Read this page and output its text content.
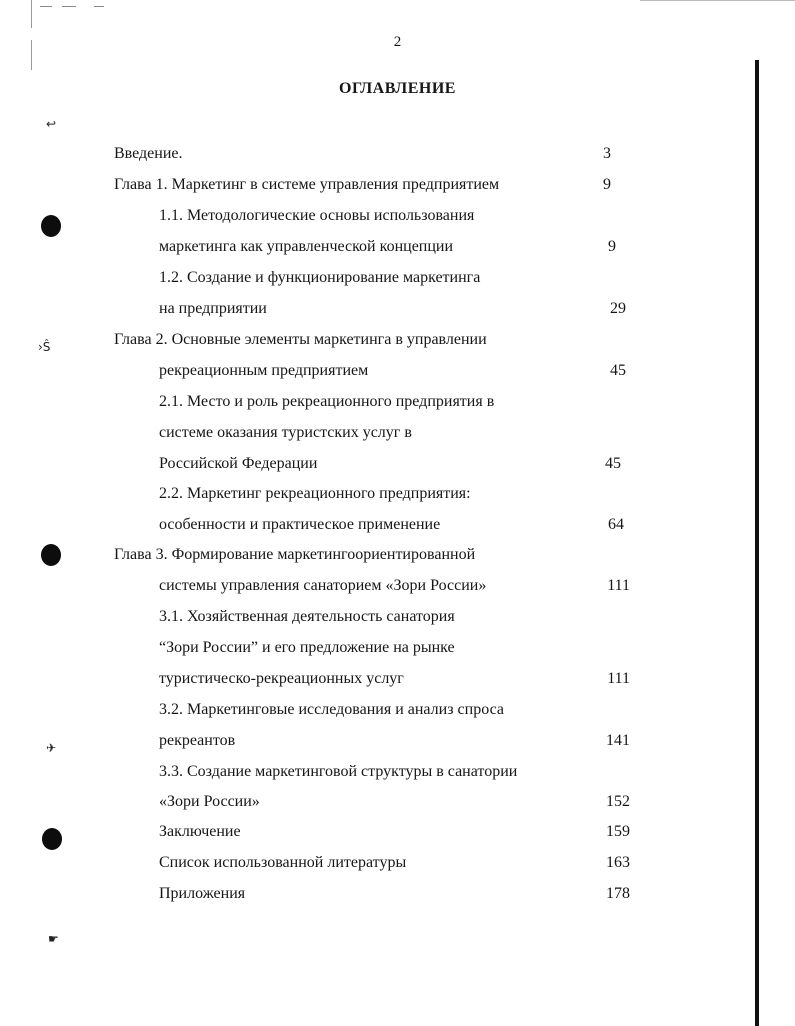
↩
›Ŝ
✈
☛
2
ОГЛАВЛЕНИЕ
Введение.	3
Глава 1. Маркетинг в системе управления предприятием	9
1.1. Методологические основы использования
маркетинга как управленческой концепции	9
1.2. Создание и функционирование маркетинга
на предприятии	29
Глава 2. Основные элементы маркетинга в управлении
рекреационным предприятием	45
2.1. Место и роль рекреационного предприятия в
системе оказания туристских услуг в
Российской Федерации	45
2.2. Маркетинг рекреационного предприятия:
особенности и практическое применение	64
Глава 3. Формирование маркетингоориентированной
системы управления санаторием «Зори России»	111
3.1. Хозяйственная деятельность санатория
“Зори России” и его предложение на рынке
туристическо-рекреационных услуг	111
3.2. Маркетинговые исследования и анализ спроса
рекреантов	141
3.3. Создание маркетинговой структуры в санатории
«Зори России»	152
Заключение	159
Список использованной литературы	163
Приложения	178
